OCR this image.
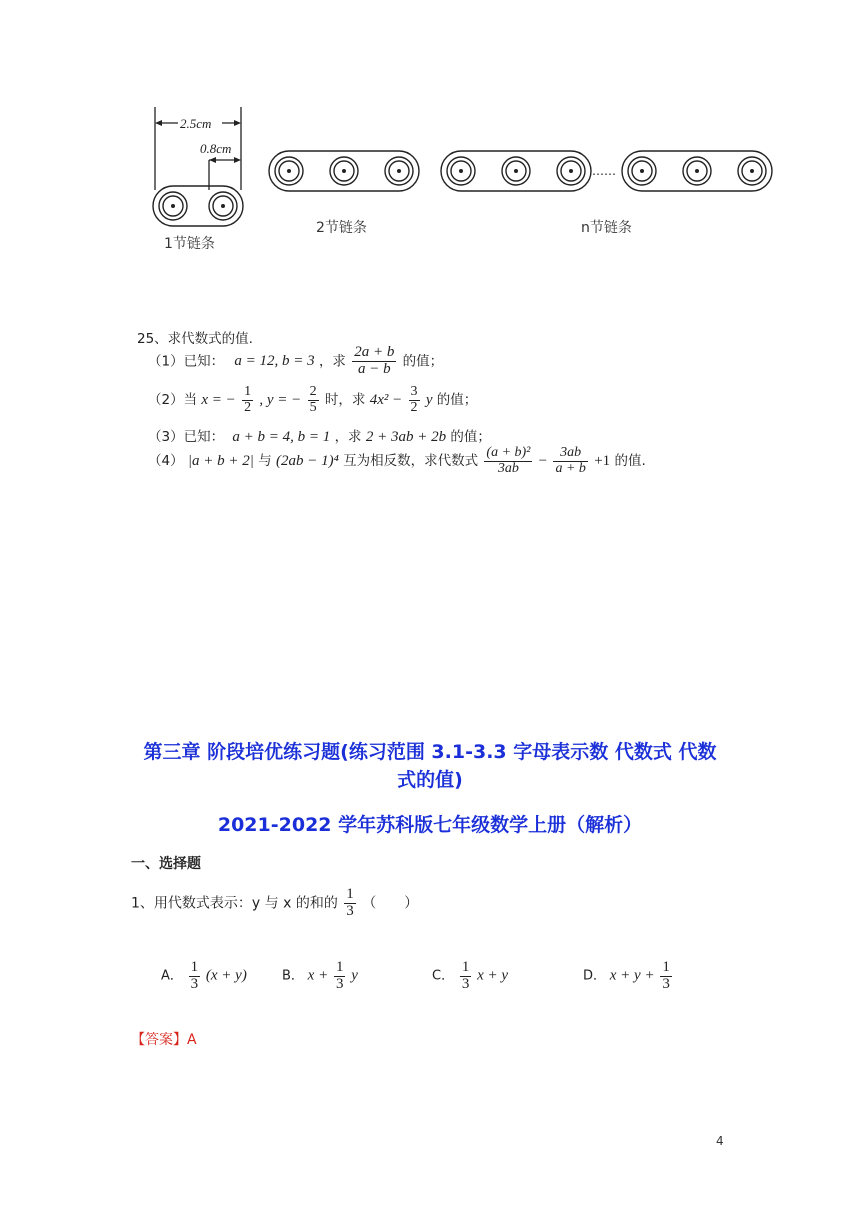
2.5cm
0.8cm
……
1节链条
2节链条	n节链条
25、求代数式的值.
（1）已知： a = 12, b = 3 ，求 $\frac{2a + b}{a - b}$ 的值；
（2）当 x = − $\frac{1}{2}$ , y = − $\frac{2}{5}$ 时，求 $4x^2 - \frac{3}{2}$ y 的值；
（3）已知： a + b = 4, b = 1 ，求 2 + 3ab + 2b 的值；
（4） |a + b + 2| 与 (2ab − 1)⁴ 互为相反数，求代数式 $\frac{\text{(a + b)²}}{3ab} - \frac{3ab}{a + b} +1$ 的值.
第三章 阶段培优练习题(练习范围 3.1-3.3 字母表示数 代数式 代数
式的值)
2021-2022 学年苏科版七年级数学上册（解析）
一、选择题
1、用代数式表示：y 与 x 的和的 $\frac{1}{3}$ （　　）
A． $\frac{1}{3} (x + y)$	B． $x + \frac{1}{3}$ y	C． $\frac{1}{3}$ x + y	D． $x + y + \frac{1}{3}$
【答案】A
4
